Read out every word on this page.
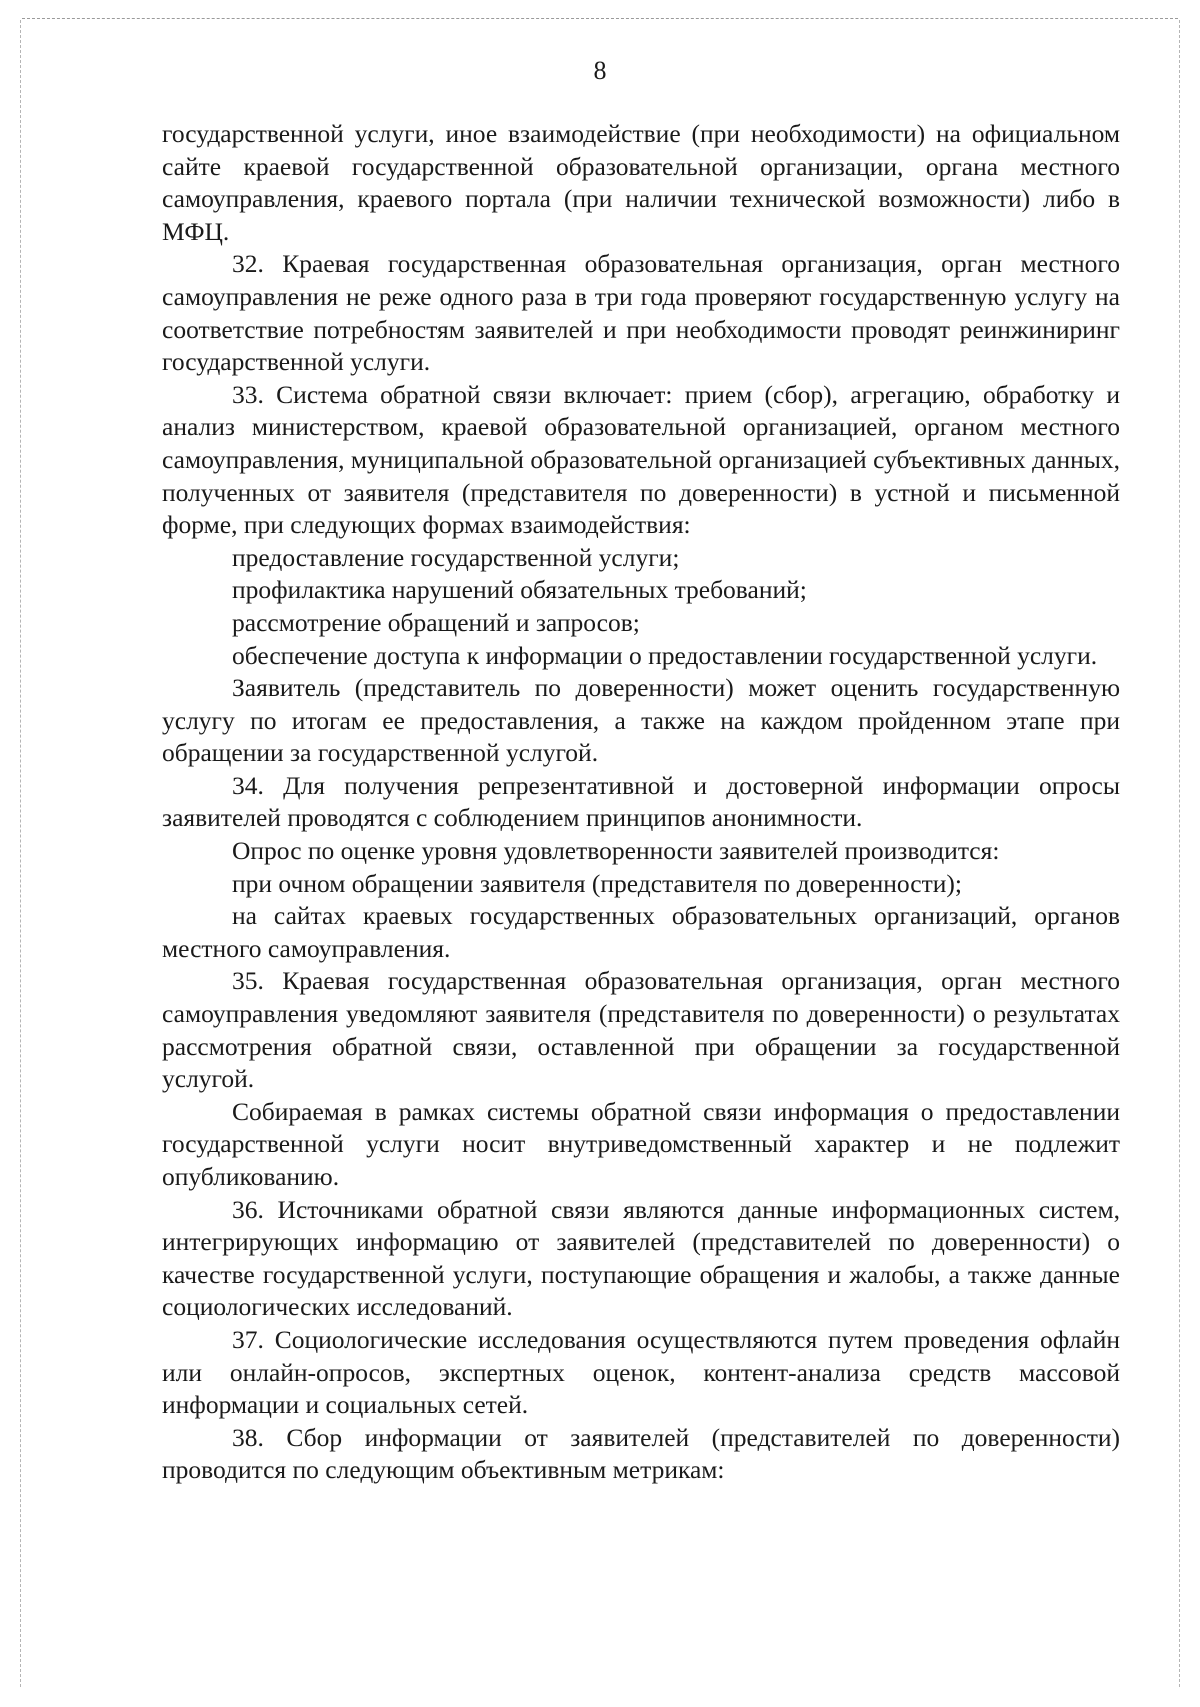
8

государственной услуги, иное взаимодействие (при необходимости) на официальном сайте краевой государственной образовательной организации, органа местного самоуправления, краевого портала (при наличии технической возможности) либо в МФЦ.

32. Краевая государственная образовательная организация, орган местного самоуправления не реже одного раза в три года проверяют государственную услугу на соответствие потребностям заявителей и при необходимости проводят реинжиниринг государственной услуги.

33. Система обратной связи включает: прием (сбор), агрегацию, обработку и анализ министерством, краевой образовательной организацией, органом местного самоуправления, муниципальной образовательной организацией субъективных данных, полученных от заявителя (представителя по доверенности) в устной и письменной форме, при следующих формах взаимодействия:

предоставление государственной услуги;

профилактика нарушений обязательных требований;

рассмотрение обращений и запросов;

обеспечение доступа к информации о предоставлении государственной услуги.

Заявитель (представитель по доверенности) может оценить государственную услугу по итогам ее предоставления, а также на каждом пройденном этапе при обращении за государственной услугой.

34. Для получения репрезентативной и достоверной информации опросы заявителей проводятся с соблюдением принципов анонимности.

Опрос по оценке уровня удовлетворенности заявителей производится:

при очном обращении заявителя (представителя по доверенности);

на сайтах краевых государственных образовательных организаций, органов местного самоуправления.

35. Краевая государственная образовательная организация, орган местного самоуправления уведомляют заявителя (представителя по доверенности) о результатах рассмотрения обратной связи, оставленной при обращении за государственной услугой.

Собираемая в рамках системы обратной связи информация о предоставлении государственной услуги носит внутриведомственный характер и не подлежит опубликованию.

36. Источниками обратной связи являются данные информационных систем, интегрирующих информацию от заявителей (представителей по доверенности) о качестве государственной услуги, поступающие обращения и жалобы, а также данные социологических исследований.

37. Социологические исследования осуществляются путем проведения офлайн или онлайн-опросов, экспертных оценок, контент-анализа средств массовой информации и социальных сетей.

38. Сбор информации от заявителей (представителей по доверенности) проводится по следующим объективным метрикам:
